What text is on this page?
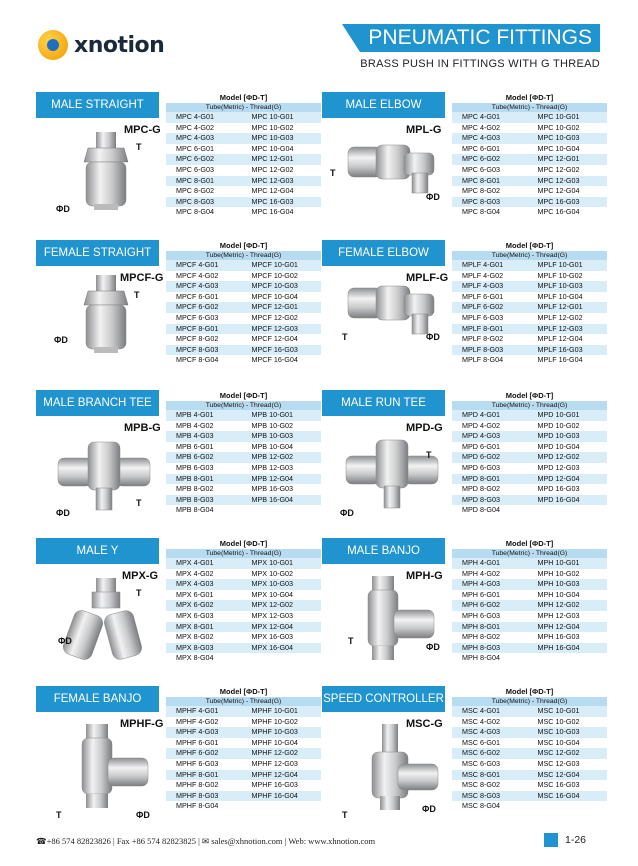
xnotion	PNEUMATIC FITTINGS
BRASS PUSH IN FITTINGS WITH G THREAD
MALE STRAIGHT
MPC-G
T
ΦD
Model [ΦD-T]
Tube(Metric) - Thread(G)
MPC 4-G01	MPC 10-G01
MPC 4-G02	MPC 10-G02
MPC 4-G03	MPC 10-G03
MPC 6-G01	MPC 10-G04
MPC 6-G02	MPC 12-G01
MPC 6-G03	MPC 12-G02
MPC 8-G01	MPC 12-G03
MPC 8-G02	MPC 12-G04
MPC 8-G03	MPC 16-G03
MPC 8-G04	MPC 16-G04
MALE ELBOW
MPL-G
T
ΦD
Model [ΦD-T]
Tube(Metric) - Thread(G)
MPC 4-G01	MPC 10-G01
MPC 4-G02	MPC 10-G02
MPC 4-G03	MPC 10-G03
MPC 6-G01	MPC 10-G04
MPC 6-G02	MPC 12-G01
MPC 6-G03	MPC 12-G02
MPC 8-G01	MPC 12-G03
MPC 8-G02	MPC 12-G04
MPC 8-G03	MPC 16-G03
MPC 8-G04	MPC 16-G04
FEMALE STRAIGHT
MPCF-G
T
ΦD
Model [ΦD-T]
Tube(Metric) - Thread(G)
MPCF 4-G01	MPCF 10-G01
MPCF 4-G02	MPCF 10-G02
MPCF 4-G03	MPCF 10-G03
MPCF 6-G01	MPCF 10-G04
MPCF 6-G02	MPCF 12-G01
MPCF 6-G03	MPCF 12-G02
MPCF 8-G01	MPCF 12-G03
MPCF 8-G02	MPCF 12-G04
MPCF 8-G03	MPCF 16-G03
MPCF 8-G04	MPCF 16-G04
FEMALE ELBOW
MPLF-G
T	ΦD
Model [ΦD-T]
Tube(Metric) - Thread(G)
MPLF 4-G01	MPLF 10-G01
MPLF 4-G02	MPLF 10-G02
MPLF 4-G03	MPLF 10-G03
MPLF 6-G01	MPLF 10-G04
MPLF 6-G02	MPLF 12-G01
MPLF 6-G03	MPLF 12-G02
MPLF 8-G01	MPLF 12-G03
MPLF 8-G02	MPLF 12-G04
MPLF 8-G03	MPLF 16-G03
MPLF 8-G04	MPLF 16-G04
MALE BRANCH TEE
MPB-G
T
ΦD
Model [ΦD-T]
Tube(Metric) - Thread(G)
MPB 4-G01	MPB 10-G01
MPB 4-G02	MPB 10-G02
MPB 4-G03	MPB 10-G03
MPB 6-G01	MPB 10-G04
MPB 6-G02	MPB 12-G02
MPB 6-G03	MPB 12-G03
MPB 8-G01	MPB 12-G04
MPB 8-G02	MPB 16-G03
MPB 8-G03	MPB 16-G04
MPB 8-G04
MALE RUN TEE
MPD-G
T
ΦD
Model [ΦD-T]
Tube(Metric) - Thread(G)
MPD 4-G01	MPD 10-G01
MPD 4-G02	MPD 10-G02
MPD 4-G03	MPD 10-G03
MPD 6-G01	MPD 10-G04
MPD 6-G02	MPD 12-G02
MPD 6-G03	MPD 12-G03
MPD 8-G01	MPD 12-G04
MPD 8-G02	MPD 16-G03
MPD 8-G03	MPD 16-G04
MPD 8-G04
MALE Y
MPX-G
T
ΦD
Model [ΦD-T]
Tube(Metric) - Thread(G)
MPX 4-G01	MPX 10-G01
MPX 4-G02	MPX 10-G02
MPX 4-G03	MPX 10-G03
MPX 6-G01	MPX 10-G04
MPX 6-G02	MPX 12-G02
MPX 6-G03	MPX 12-G03
MPX 8-G01	MPX 12-G04
MPX 8-G02	MPX 16-G03
MPX 8-G03	MPX 16-G04
MPX 8-G04
MALE BANJO
MPH-G
T
ΦD
Model [ΦD-T]
Tube(Metric) - Thread(G)
MPH 4-G01	MPH 10-G01
MPH 4-G02	MPH 10-G02
MPH 4-G03	MPH 10-G03
MPH 6-G01	MPH 10-G04
MPH 6-G02	MPH 12-G02
MPH 6-G03	MPH 12-G03
MPH 8-G01	MPH 12-G04
MPH 8-G02	MPH 16-G03
MPH 8-G03	MPH 16-G04
MPH 8-G04
FEMALE BANJO
MPHF-G
T	ΦD
Model [ΦD-T]
Tube(Metric) - Thread(G)
MPHF 4-G01	MPHF 10-G01
MPHF 4-G02	MPHF 10-G02
MPHF 4-G03	MPHF 10-G03
MPHF 6-G01	MPHF 10-G04
MPHF 6-G02	MPHF 12-G02
MPHF 6-G03	MPHF 12-G03
MPHF 8-G01	MPHF 12-G04
MPHF 8-G02	MPHF 16-G03
MPHF 8-G03	MPHF 16-G04
MPHF 8-G04
SPEED CONTROLLER
MSC-G
T
ΦD
Model [ΦD-T]
Tube(Metric) - Thread(G)
MSC 4-G01	MSC 10-G01
MSC 4-G02	MSC 10-G02
MSC 4-G03	MSC 10-G03
MSC 6-G01	MSC 10-G04
MSC 6-G02	MSC 12-G02
MSC 6-G03	MSC 12-G03
MSC 8-G01	MSC 12-G04
MSC 8-G02	MSC 16-G03
MSC 8-G03	MSC 16-G04
MSC 8-G04
☎+86 574 82823826 | Fax +86 574 82823825 | ✉ sales@xhnotion.com | Web: www.xhnotion.com	1-26
